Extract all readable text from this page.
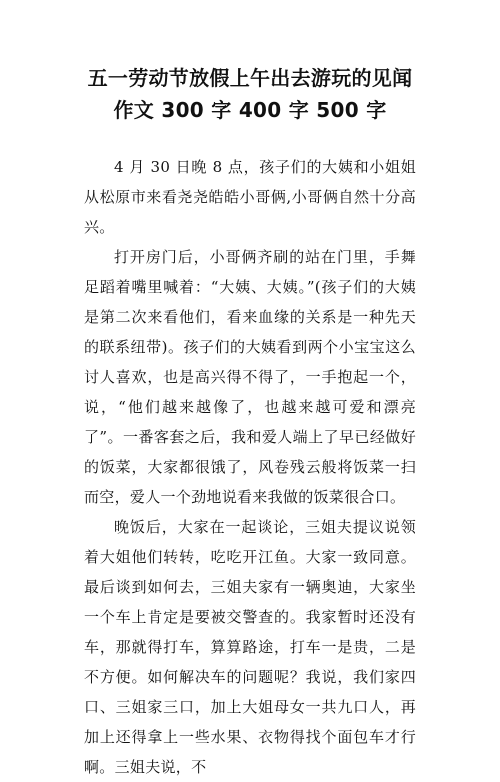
五一劳动节放假上午出去游玩的见闻
作文 300 字 400 字 500 字

4 月 30 日晚 8 点，孩子们的大姨和小姐姐从松原市来看尧尧皓皓小哥俩,小哥俩自然十分高兴。

打开房门后，小哥俩齐刷的站在门里，手舞足蹈着嘴里喊着：“大姨、大姨。”(孩子们的大姨是第二次来看他们，看来血缘的关系是一种先天的联系纽带)。孩子们的大姨看到两个小宝宝这么讨人喜欢，也是高兴得不得了，一手抱起一个，说，“他们越来越像了，也越来越可爱和漂亮了”。一番客套之后，我和爱人端上了早已经做好的饭菜，大家都很饿了，风卷残云般将饭菜一扫而空，爱人一个劲地说看来我做的饭菜很合口。

晚饭后，大家在一起谈论，三姐夫提议说领着大姐他们转转，吃吃开江鱼。大家一致同意。最后谈到如何去，三姐夫家有一辆奥迪，大家坐一个车上肯定是要被交警查的。我家暂时还没有车，那就得打车，算算路途，打车一是贵，二是不方便。如何解决车的问题呢？我说，我们家四口、三姐家三口，加上大姐母女一共九口人，再加上还得拿上一些水果、衣物得找个面包车才行啊。三姐夫说，不
